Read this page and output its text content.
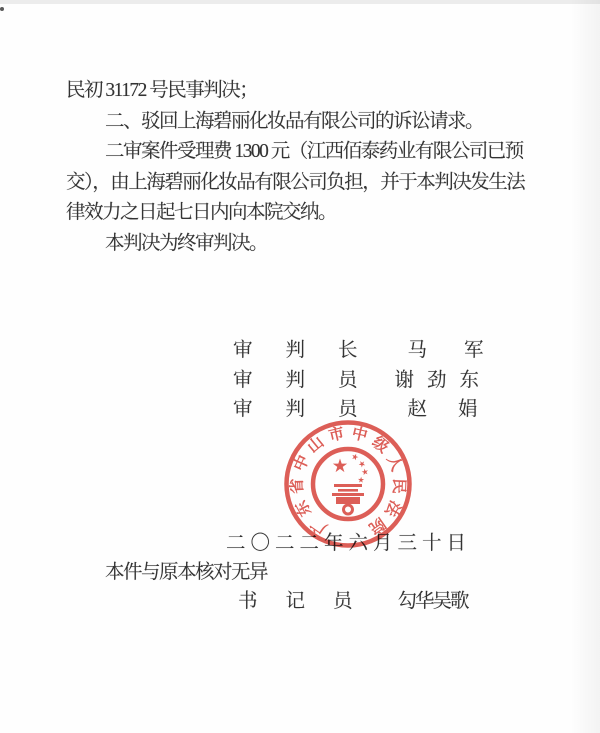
民初 31172 号民事判决；
二、驳回上海碧丽化妆品有限公司的诉讼请求。
二审案件受理费 1300 元（江西佰泰药业有限公司已预
交），由上海碧丽化妆品有限公司负担，并于本判决发生法
律效力之日起七日内向本院交纳。
本判决为终审判决。
审判长 马军
审判员 谢劲东
审判员 赵娟
二〇二二年六月三十日
本件与原本核对无异
书记员 勾华吴歌
广
东
省
中
山 市 中 级
人
民
法
院
